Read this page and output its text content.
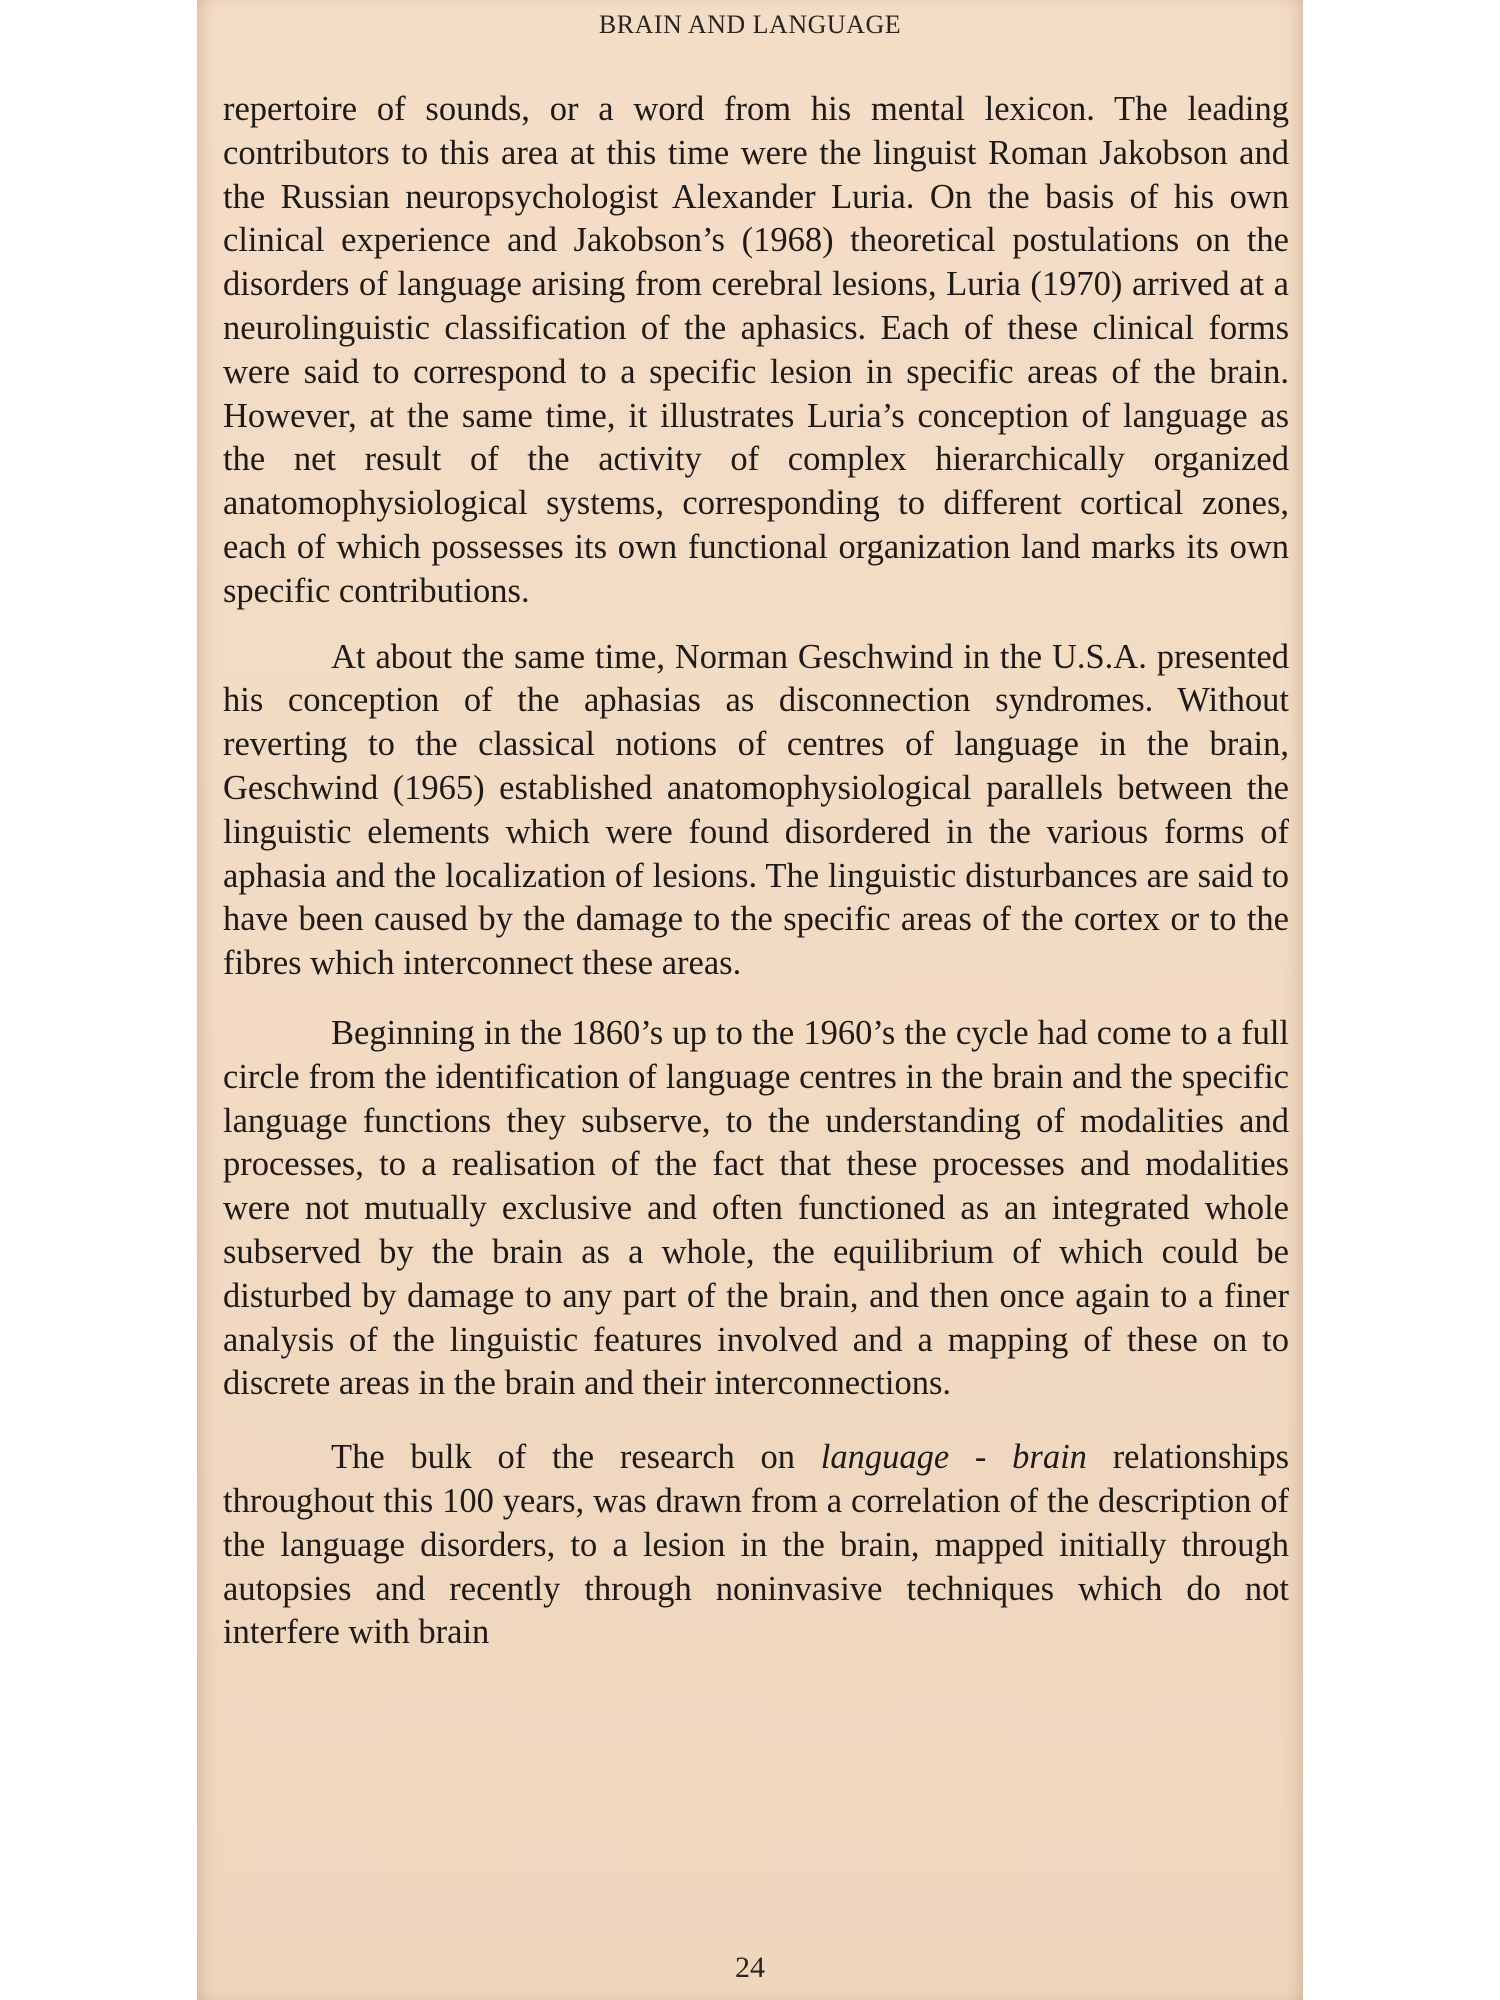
BRAIN AND LANGUAGE

repertoire of sounds, or a word from his mental lexicon. The leading contributors to this area at this time were the linguist Roman Jakobson and the Russian neuropsychologist Alexander Luria. On the basis of his own clinical experience and Jakobson’s (1968) theoretical postulations on the disorders of language arising from cerebral lesions, Luria (1970) arrived at a neurolinguistic classification of the aphasics. Each of these clinical forms were said to correspond to a specific lesion in specific areas of the brain. However, at the same time, it illustrates Luria’s conception of language as the net result of the activity of complex hierarchically organized anatomophysiological systems, corresponding to different cortical zones, each of which possesses its own functional organization land marks its own specific contributions.

At about the same time, Norman Geschwind in the U.S.A. presented his conception of the aphasias as disconnection syndromes. Without reverting to the classical notions of centres of language in the brain, Geschwind (1965) established anatomophysiological parallels between the linguistic elements which were found disordered in the various forms of aphasia and the localization of lesions. The linguistic disturbances are said to have been caused by the damage to the specific areas of the cortex or to the fibres which interconnect these areas.

Beginning in the 1860’s up to the 1960’s the cycle had come to a full circle from the identification of language centres in the brain and the specific language functions they subserve, to the understanding of modalities and processes, to a realisation of the fact that these processes and modalities were not mutually exclusive and often functioned as an integrated whole subserved by the brain as a whole, the equilibrium of which could be disturbed by damage to any part of the brain, and then once again to a finer analysis of the linguistic features involved and a mapping of these on to discrete areas in the brain and their interconnections.

The bulk of the research on language - brain relationships throughout this 100 years, was drawn from a correlation of the description of the language disorders, to a lesion in the brain, mapped initially through autopsies and recently through noninvasive techniques which do not interfere with brain

24
